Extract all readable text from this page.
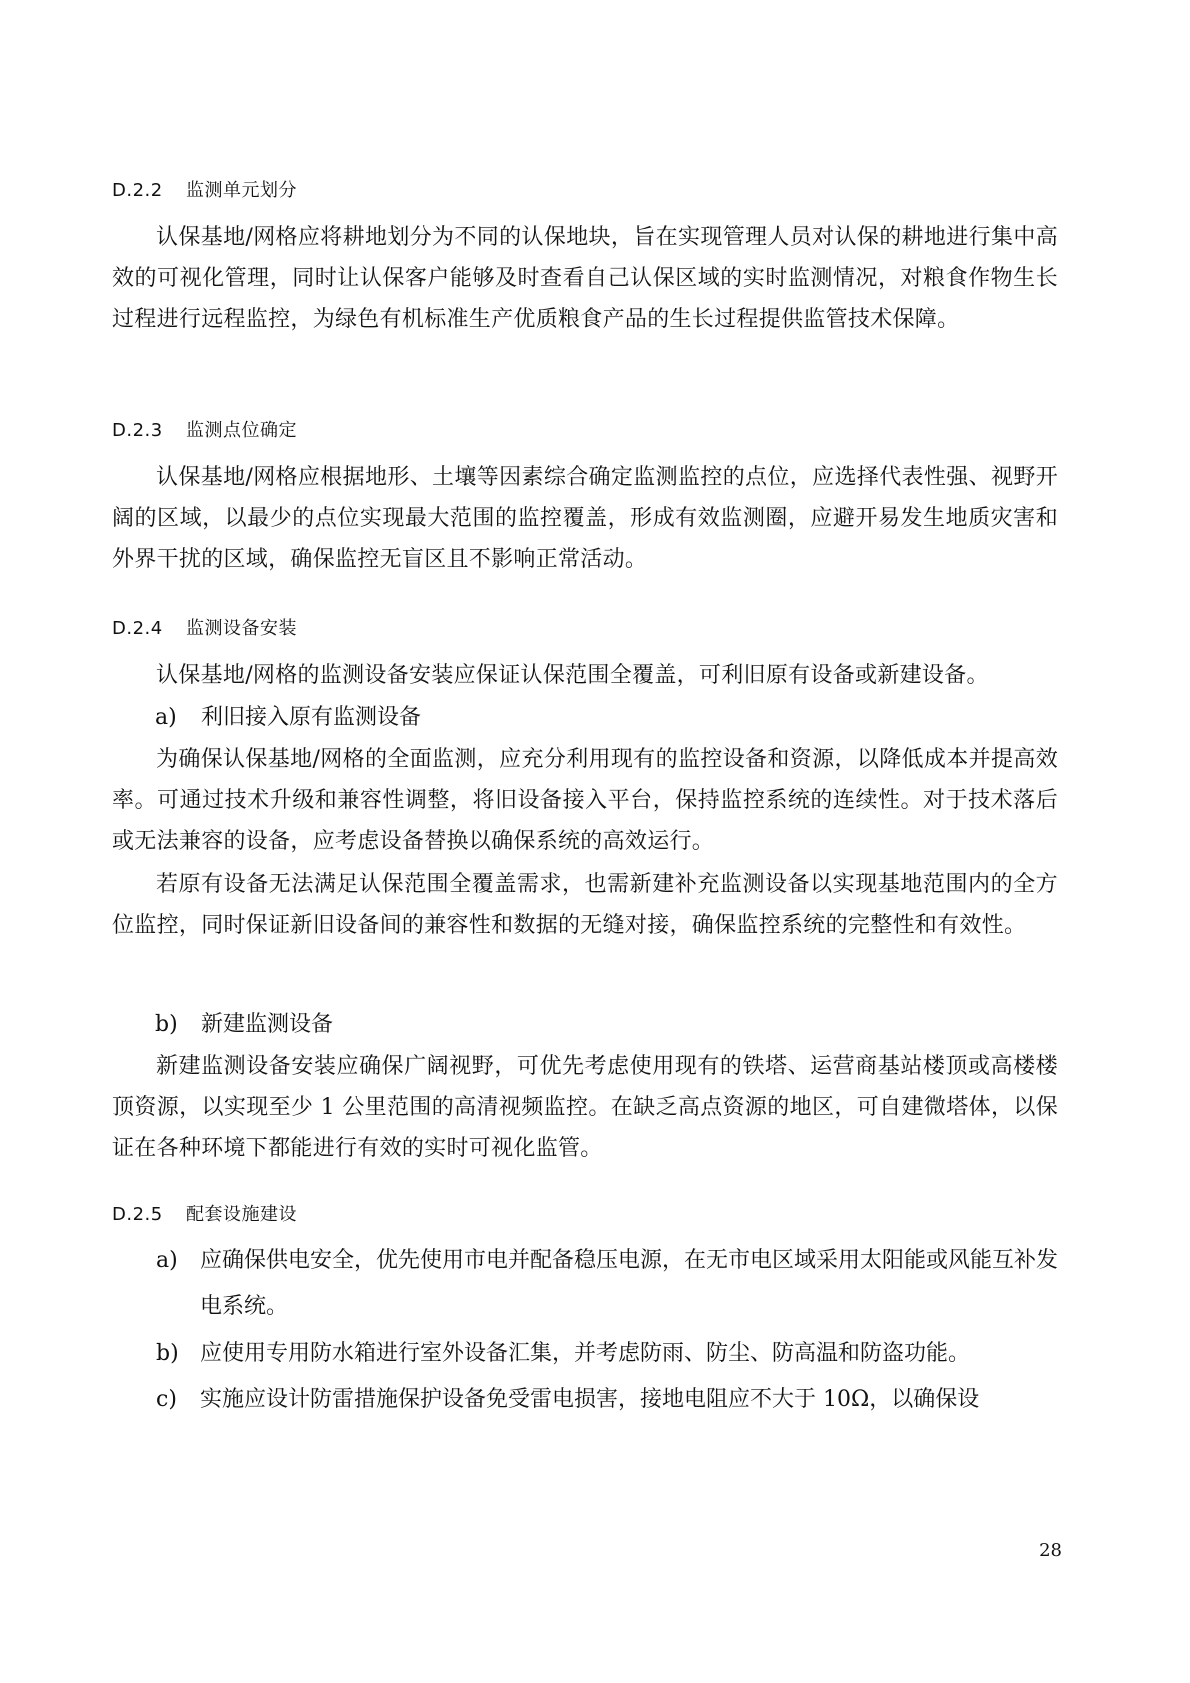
D.2.2 监测单元划分

认保基地/网格应将耕地划分为不同的认保地块，旨在实现管理人员对认保的耕地进行集中高效的可视化管理，同时让认保客户能够及时查看自己认保区域的实时监测情况，对粮食作物生长过程进行远程监控，为绿色有机标准生产优质粮食产品的生长过程提供监管技术保障。

D.2.3 监测点位确定

认保基地/网格应根据地形、土壤等因素综合确定监测监控的点位，应选择代表性强、视野开阔的区域，以最少的点位实现最大范围的监控覆盖，形成有效监测圈，应避开易发生地质灾害和外界干扰的区域，确保监控无盲区且不影响正常活动。

D.2.4 监测设备安装

认保基地/网格的监测设备安装应保证认保范围全覆盖，可利旧原有设备或新建设备。

a) 利旧接入原有监测设备

为确保认保基地/网格的全面监测，应充分利用现有的监控设备和资源，以降低成本并提高效率。可通过技术升级和兼容性调整，将旧设备接入平台，保持监控系统的连续性。对于技术落后或无法兼容的设备，应考虑设备替换以确保系统的高效运行。

若原有设备无法满足认保范围全覆盖需求，也需新建补充监测设备以实现基地范围内的全方位监控，同时保证新旧设备间的兼容性和数据的无缝对接，确保监控系统的完整性和有效性。

b) 新建监测设备

新建监测设备安装应确保广阔视野，可优先考虑使用现有的铁塔、运营商基站楼顶或高楼楼顶资源，以实现至少 1 公里范围的高清视频监控。在缺乏高点资源的地区，可自建微塔体，以保证在各种环境下都能进行有效的实时可视化监管。

D.2.5 配套设施建设
a) 应确保供电安全，优先使用市电并配备稳压电源，在无市电区域采用太阳能或风能互补发电系统。
b) 应使用专用防水箱进行室外设备汇集，并考虑防雨、防尘、防高温和防盗功能。
c) 实施应设计防雷措施保护设备免受雷电损害，接地电阻应不大于 10Ω，以确保设
28
